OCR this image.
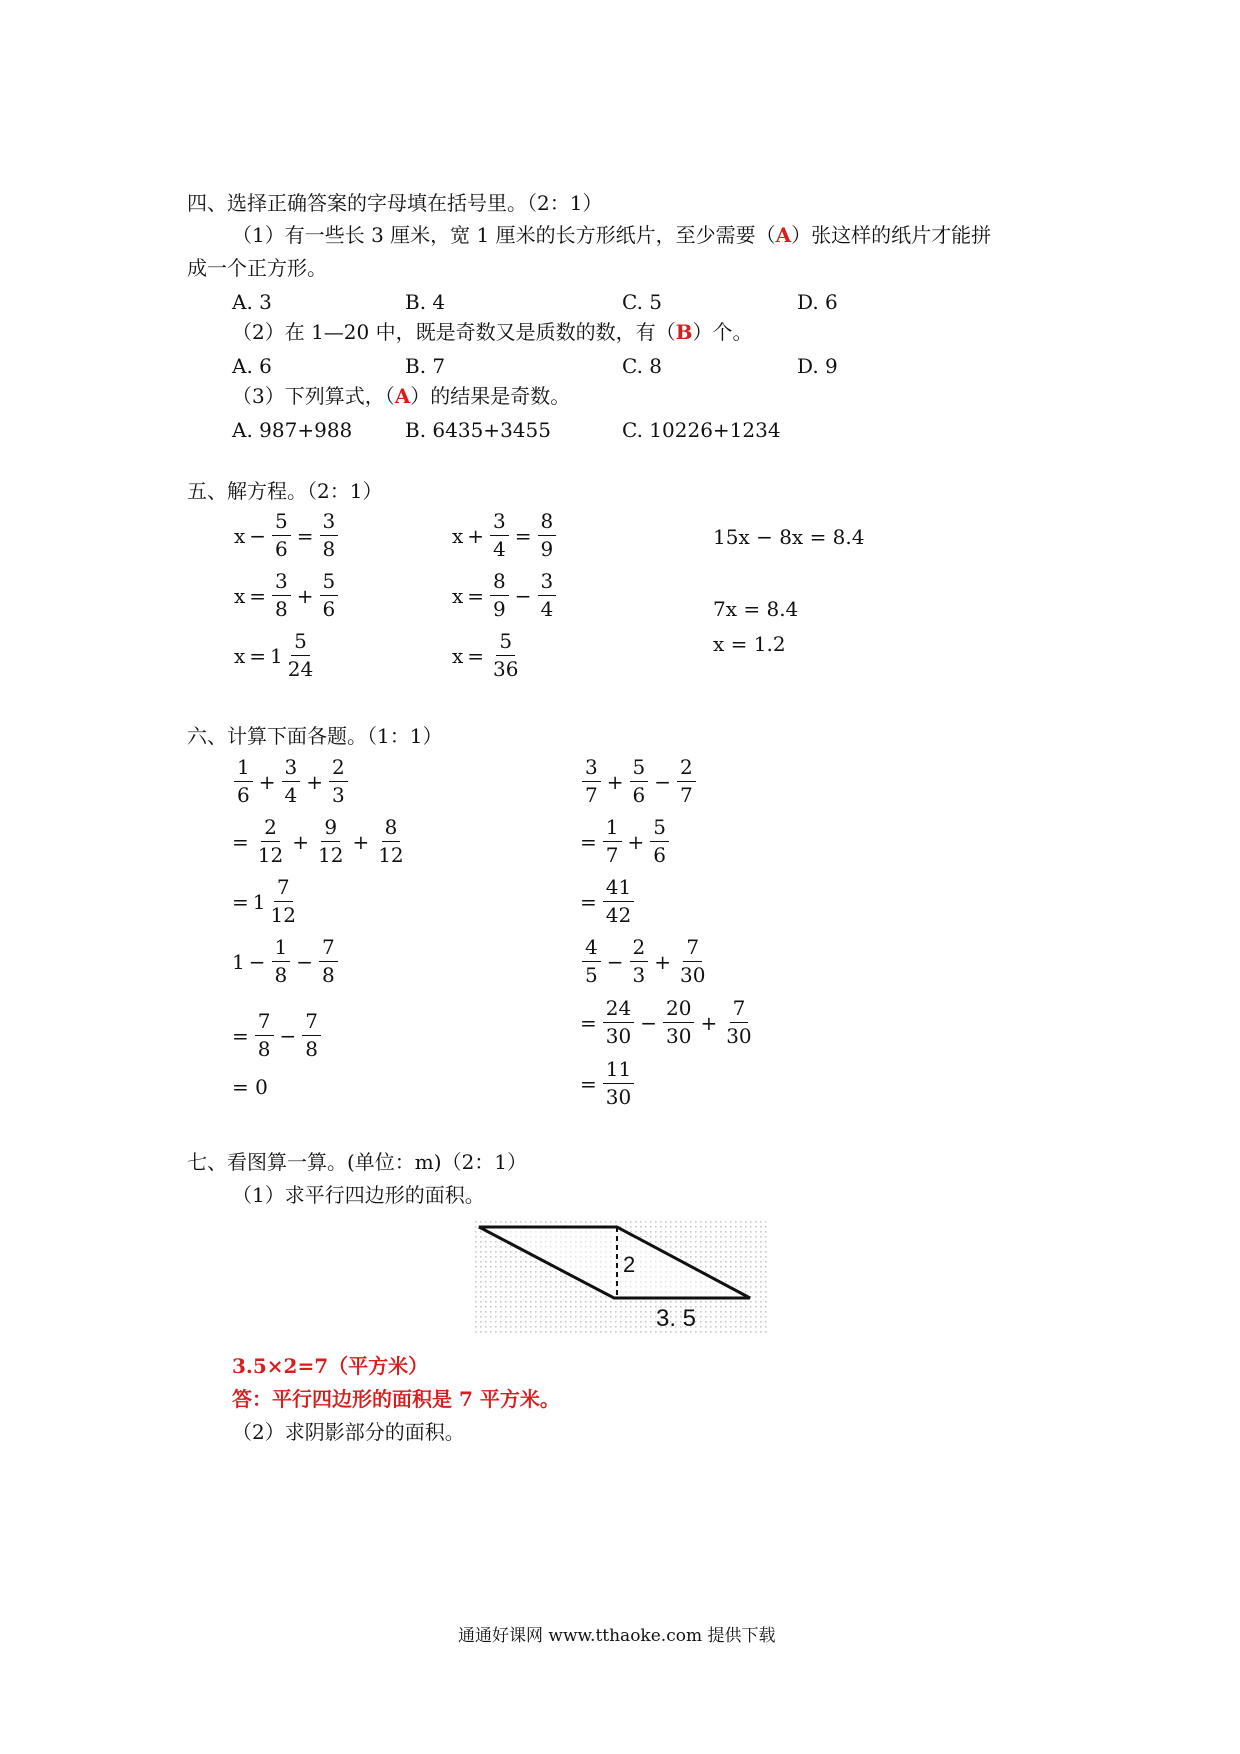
四、选择正确答案的字母填在括号里。（2：1）
（1）有一些长 3 厘米，宽 1 厘米的长方形纸片，至少需要（A）张这样的纸片才能拼
成一个正方形。
A. 3	B. 4	C. 5	D. 6
（2）在 1—20 中，既是奇数又是质数的数，有（B）个。
A. 6	B. 7	C. 8	D. 9
（3）下列算式，（A）的结果是奇数。
A. 987+988	B. 6435+3455	C. 10226+1234
五、解方程。（2：1）
$x - \frac{5}{6} = \frac{3}{8}$
$x = \frac{3}{8} + \frac{5}{6}$
x = 1
5
24
$x + \frac{3}{4} = \frac{8}{9}$
$x = \frac{8}{9} - \frac{3}{4}$
$x = \frac{5}{36}$
15x − 8x = 8.4
7x = 8.4
x = 1.2
六、计算下面各题。（1：1）
1
6
+ $\frac{3}{4} + \frac{2}{3}$
= $\frac{2}{12} + \frac{9}{12} + \frac{8}{12}$
= 1
7
12
$1 - \frac{1}{8} - \frac{7}{8}$
= $\frac{7}{8} - \frac{7}{8}$
= 0
3
7
+ $\frac{5}{6} - \frac{2}{7}$
= $\frac{1}{7} + \frac{5}{6}$
= $\frac{41}{42}$
4
5
− $\frac{2}{3} + \frac{7}{30}$
= $\frac{24}{30} - \frac{20}{30} + \frac{7}{30}$
= $\frac{11}{30}$
七、看图算一算。(单位：m)（2：1）
（1）求平行四边形的面积。
2
3. 5
3.5×2=7（平方米）
答：平行四边形的面积是 7 平方米。
（2）求阴影部分的面积。
通通好课网 www.tthaoke.com 提供下载
